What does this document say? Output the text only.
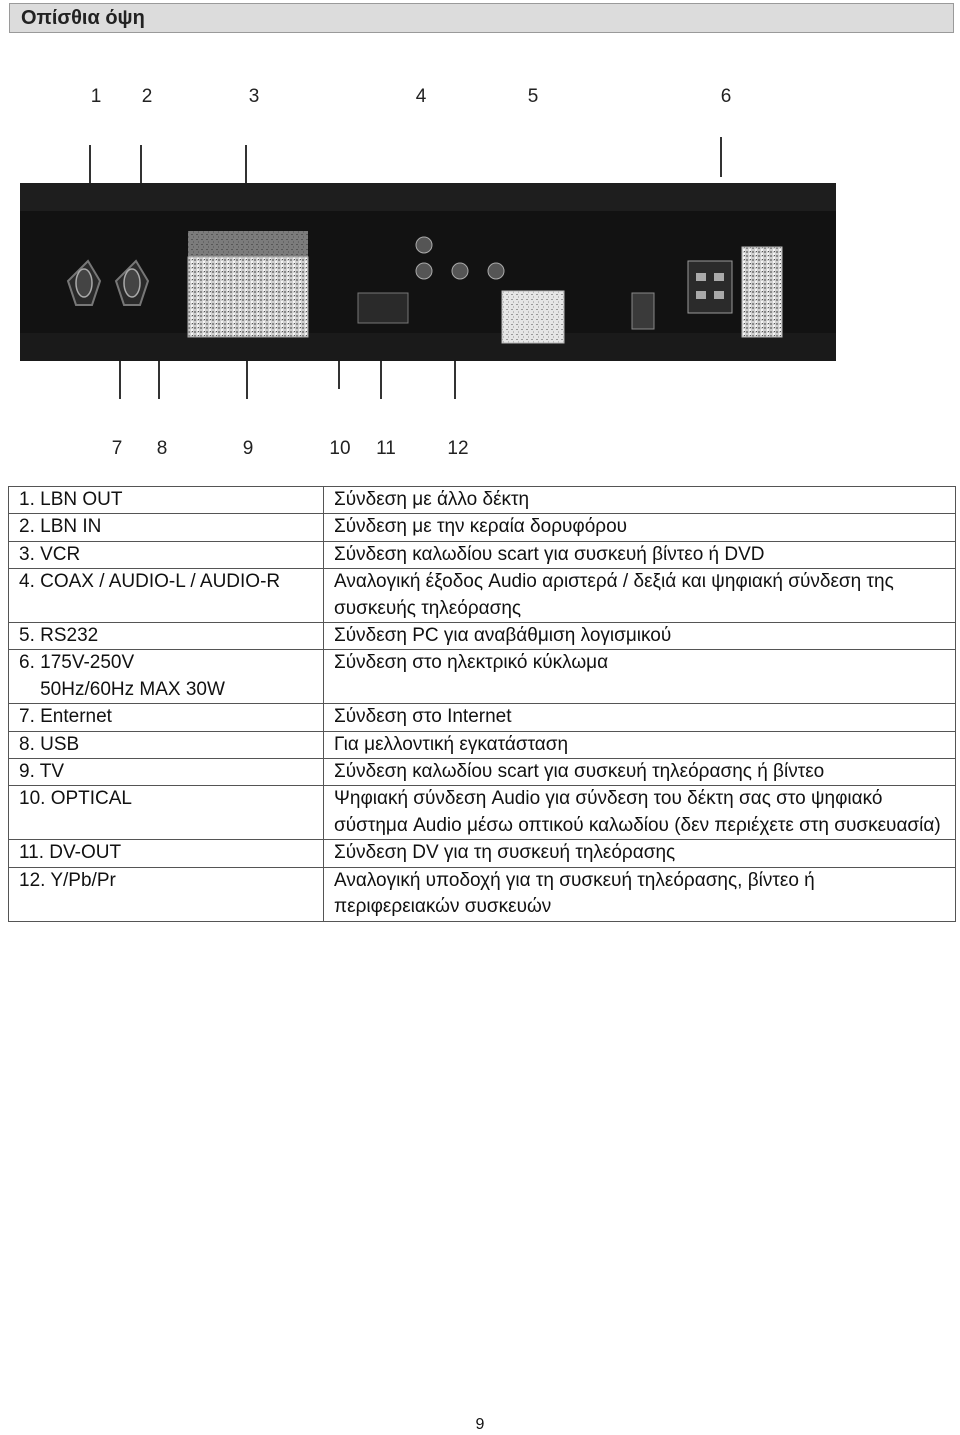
Οπίσθια όψη
1 2	3	4	5	6
7 8	9	10 11	12
1. LBN OUT	Σύνδεση με άλλο δέκτη
2. LBN IN	Σύνδεση με την κεραία δορυφόρου
3. VCR	Σύνδεση καλωδίου scart για συσκευή βίντεο ή DVD
4. COAX / AUDIO-L / AUDIO-R	Αναλογική έξοδος Audio αριστερά / δεξιά και ψηφιακή σύνδεση της συσκευής τηλεόρασης
5. RS232	Σύνδεση PC για αναβάθμιση λογισμικού
6. 175V-250V
50Hz/60Hz MAX 30W	Σύνδεση στο ηλεκτρικό κύκλωμα
7. Enternet	Σύνδεση στο Internet
8. USB	Για μελλοντική εγκατάσταση
9. TV	Σύνδεση καλωδίου scart για συσκευή τηλεόρασης ή βίντεο
10. OPTICAL	Ψηφιακή σύνδεση Audio για σύνδεση του δέκτη σας στο ψηφιακό σύστημα Audio μέσω οπτικού καλωδίου (δεν περιέχετε στη συσκευασία)
11. DV-OUT	Σύνδεση DV για τη συσκευή τηλεόρασης
12. Y/Pb/Pr	Αναλογική υποδοχή για τη συσκευή τηλεόρασης, βίντεο ή περιφερειακών συσκευών
9
